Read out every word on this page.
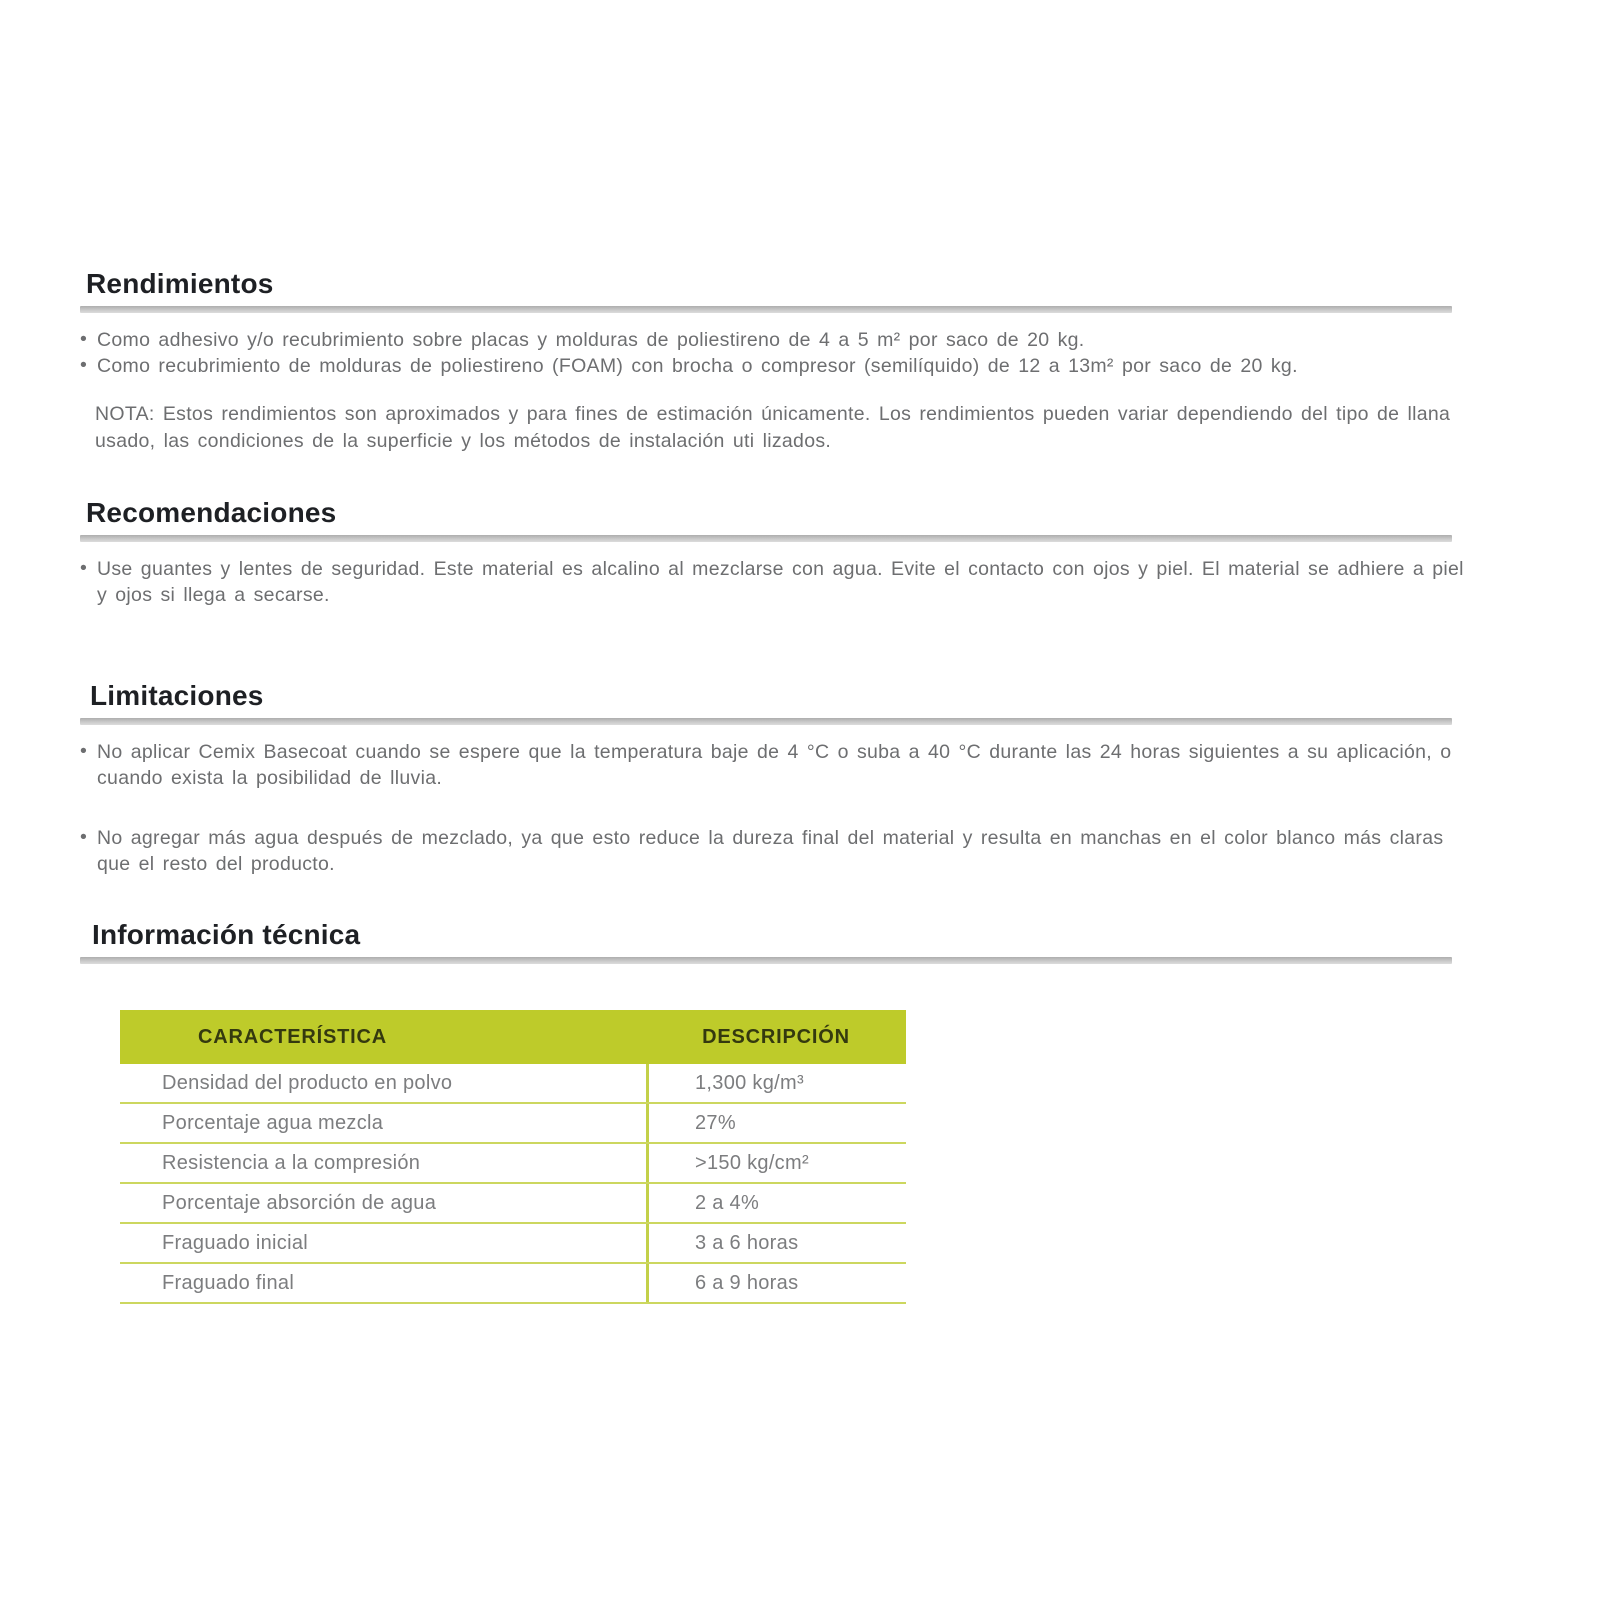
Rendimientos
• Como adhesivo y/o recubrimiento sobre placas y molduras de poliestireno de 4 a 5 m² por saco de 20 kg.
• Como recubrimiento de molduras de poliestireno (FOAM) con brocha o compresor (semilíquido) de 12 a 13m² por saco de 20 kg.

NOTA: Estos rendimientos son aproximados y para fines de estimación únicamente. Los rendimientos pueden variar dependiendo del tipo de llana usado, las condiciones de la superficie y los métodos de instalación uti lizados.

Recomendaciones
• Use guantes y lentes de seguridad. Este material es alcalino al mezclarse con agua. Evite el contacto con ojos y piel. El material se adhiere a piel y ojos si llega a secarse.
Limitaciones
• No aplicar Cemix Basecoat cuando se espere que la temperatura baje de 4 °C o suba a 40 °C durante las 24 horas siguientes a su aplicación, o cuando exista la posibilidad de lluvia.
• No agregar más agua después de mezclado, ya que esto reduce la dureza final del material y resulta en manchas en el color blanco más claras que el resto del producto.
Información técnica
CARACTERÍSTICA	DESCRIPCIÓN
Densidad del producto en polvo	1,300 kg/m³
Porcentaje agua mezcla	27%
Resistencia a la compresión	>150 kg/cm²
Porcentaje absorción de agua	2 a 4%
Fraguado inicial	3 a 6 horas
Fraguado final	6 a 9 horas
